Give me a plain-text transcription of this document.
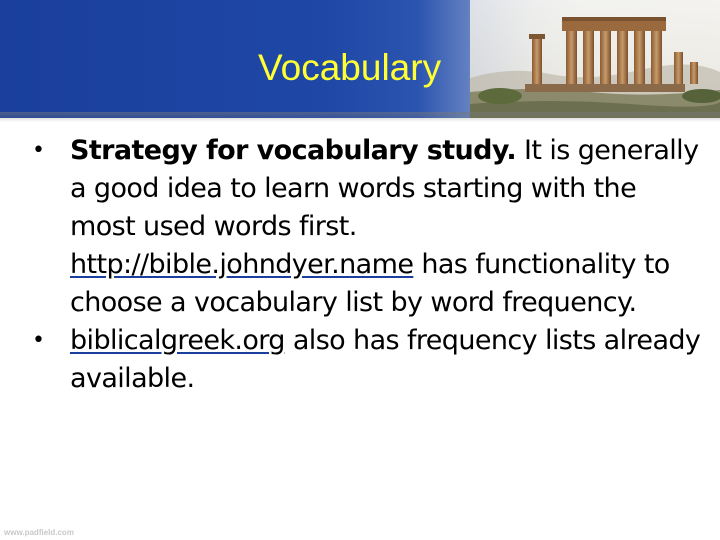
Vocabulary
• Strategy for vocabulary study. It is generally a good idea to learn words starting with the most used words first. http://bible.johndyer.name has functionality to choose a vocabulary list by word frequency.
• biblicalgreek.org also has frequency lists already available.
www.padfield.com
